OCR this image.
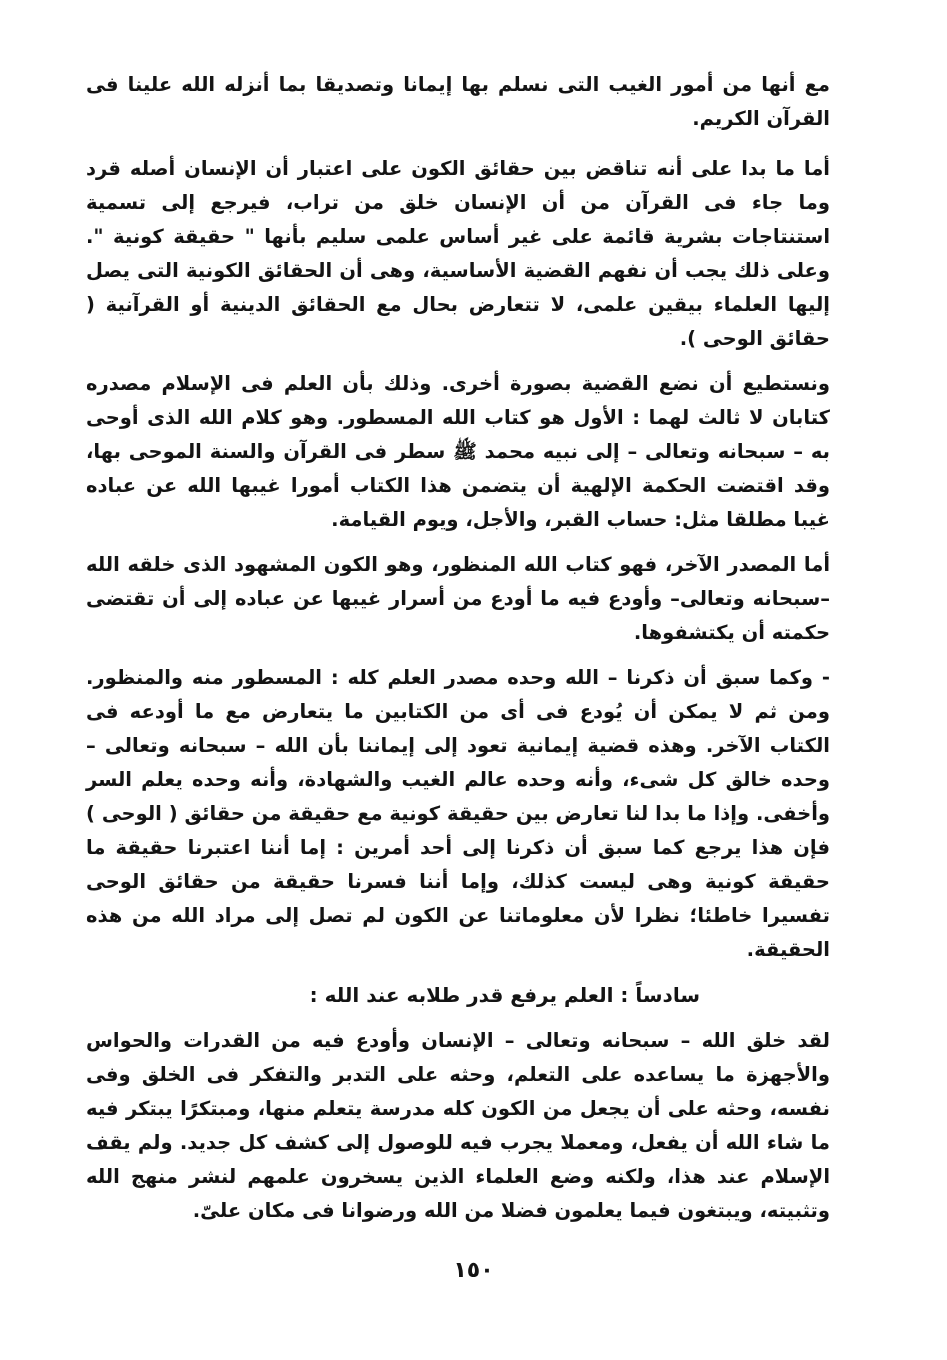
مع أنها من أمور الغيب التى نسلم بها إيمانا وتصديقا بما أنزله الله علينا فى القرآن الكريم.

أما ما بدا على أنه تناقض بين حقائق الكون على اعتبار أن الإنسان أصله قرد وما جاء فى القرآن من أن الإنسان خلق من تراب، فيرجع إلى تسمية استنتاجات بشرية قائمة على غير أساس علمى سليم بأنها " حقيقة كونية ". وعلى ذلك يجب أن نفهم القضية الأساسية، وهى أن الحقائق الكونية التى يصل إليها العلماء بيقين علمى، لا تتعارض بحال مع الحقائق الدينية أو القرآنية ( حقائق الوحى ).

ونستطيع أن نضع القضية بصورة أخرى. وذلك بأن العلم فى الإسلام مصدره كتابان لا ثالث لهما : الأول هو كتاب الله المسطور. وهو كلام الله الذى أوحى به – سبحانه وتعالى – إلى نبيه محمد ﷺ سطر فى القرآن والسنة الموحى بها، وقد اقتضت الحكمة الإلهية أن يتضمن هذا الكتاب أمورا غيبها الله عن عباده غيبا مطلقا مثل: حساب القبر، والأجل، ويوم القيامة.

أما المصدر الآخر، فهو كتاب الله المنظور، وهو الكون المشهود الذى خلقه الله –سبحانه وتعالى– وأودع فيه ما أودع من أسرار غيبها عن عباده إلى أن تقتضى حكمته أن يكتشفوها.

- وكما سبق أن ذكرنا – الله وحده مصدر العلم كله : المسطور منه والمنظور. ومن ثم لا يمكن أن يُودع فى أى من الكتابين ما يتعارض مع ما أودعه فى الكتاب الآخر. وهذه قضية إيمانية تعود إلى إيماننا بأن الله – سبحانه وتعالى – وحده خالق كل شىء، وأنه وحده عالم الغيب والشهادة، وأنه وحده يعلم السر وأخفى. وإذا ما بدا لنا تعارض بين حقيقة كونية مع حقيقة من حقائق ( الوحى ) فإن هذا يرجع كما سبق أن ذكرنا إلى أحد أمرين : إما أننا اعتبرنا حقيقة ما حقيقة كونية وهى ليست كذلك، وإما أننا فسرنا حقيقة من حقائق الوحى تفسيرا خاطئا؛ نظرا لأن معلوماتنا عن الكون لم تصل إلى مراد الله من هذه الحقيقة.

سادساً : العلم يرفع قدر طلابه عند الله :

لقد خلق الله – سبحانه وتعالى – الإنسان وأودع فيه من القدرات والحواس والأجهزة ما يساعده على التعلم، وحثه على التدبر والتفكر فى الخلق وفى نفسه، وحثه على أن يجعل من الكون كله مدرسة يتعلم منها، ومبتكرًا يبتكر فيه ما شاء الله أن يفعل، ومعملا يجرب فيه للوصول إلى كشف كل جديد. ولم يقف الإسلام عند هذا، ولكنه وضع العلماء الذين يسخرون علمهم لنشر منهج الله وتثبيته، ويبتغون فيما يعلمون فضلا من الله ورضوانا فى مكان علىّ.

١٥٠
